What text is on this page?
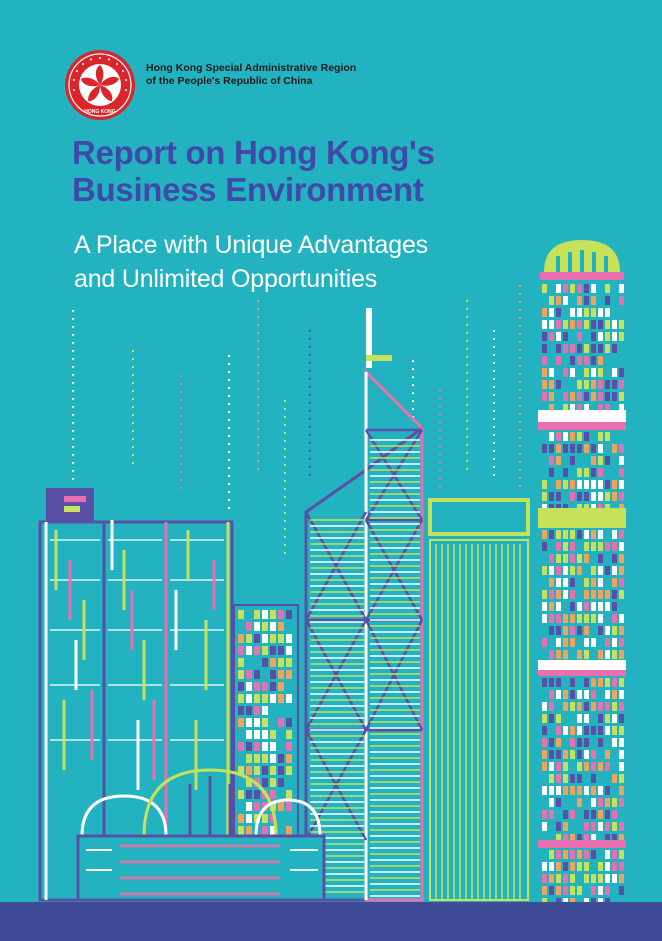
HONG KONG
Hong Kong Special Administrative Region
of the People's Republic of China
Report on Hong Kong's
Business Environment
A Place with Unique Advantages
and Unlimited Opportunities
